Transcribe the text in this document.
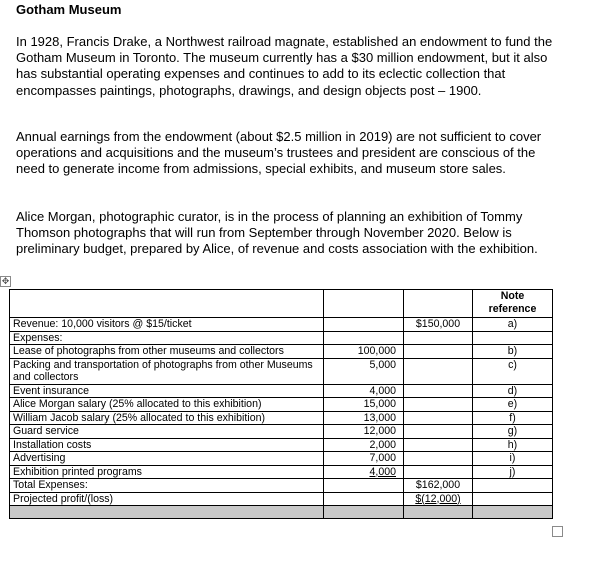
Gotham Museum

In 1928, Francis Drake, a Northwest railroad magnate, established an endowment to fund the Gotham Museum in Toronto. The museum currently has a $30 million endowment, but it also has substantial operating expenses and continues to add to its eclectic collection that encompasses paintings, photographs, drawings, and design objects post – 1900.

Annual earnings from the endowment (about $2.5 million in 2019) are not sufficient to cover operations and acquisitions and the museum’s trustees and president are conscious of the need to generate income from admissions, special exhibits, and museum store sales.

Alice Morgan, photographic curator, is in the process of planning an exhibition of Tommy Thomson photographs that will run from September through November 2020. Below is preliminary budget, prepared by Alice, of revenue and costs association with the exhibition.

✥
			Note
reference
Revenue: 10,000 visitors @ $15/ticket		$150,000	a)
Expenses:			
Lease of photographs from other museums and collectors	100,000		b)
Packing and transportation of photographs from other Museums and collectors	5,000		c)
Event insurance	4,000		d)
Alice Morgan salary (25% allocated to this exhibition)	15,000		e)
William Jacob salary (25% allocated to this exhibition)	13,000		f)
Guard service	12,000		g)
Installation costs	2,000		h)
Advertising	7,000		i)
Exhibition printed programs	4,000		j)
Total Expenses:		$162,000	
Projected profit/(loss)		$(12,000)	
